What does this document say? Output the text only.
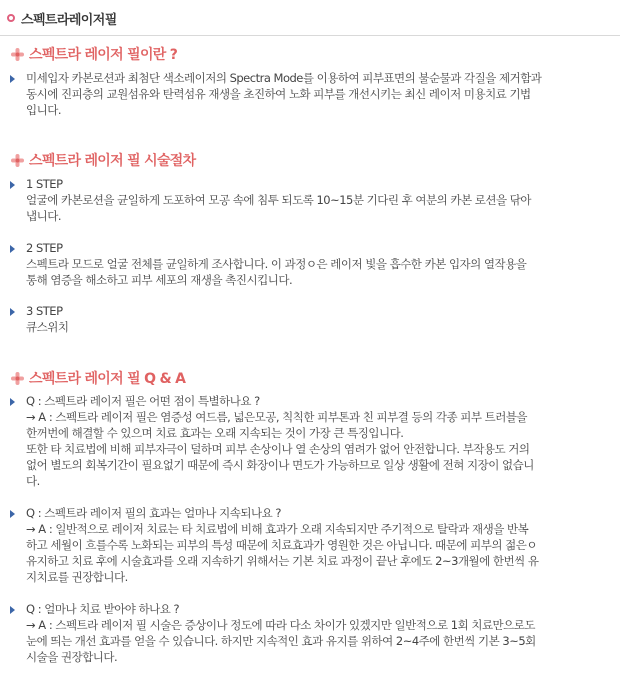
스펙트라레이저필
스펙트라 레이저 필이란 ?
미세입자 카본로션과 최첨단 색소레이저의 Spectra Mode를 이용하여 피부표면의 불순물과 각질을 제거함과
동시에 진피층의 교원섬유와 탄력섬유 재생을 초진하여 노화 피부를 개선시키는 최신 레이저 미용치료 기법
입니다.
스펙트라 레이저 필 시술절차
1 STEP
얼굴에 카본로션을 균일하게 도포하여 모공 속에 침투 되도록 10~15분 기다린 후 여분의 카본 로션을 닦아
냅니다.
2 STEP
스펙트라 모드로 얼굴 전체를 균일하게 조사합니다. 이 과정ㅇ은 레이저 빛을 흡수한 카본 입자의 열작용을
통해 염증을 해소하고 피부 세포의 재생을 촉진시킵니다.
3 STEP
큐스위치
스펙트라 레이저 필 Q & A
Q : 스펙트라 레이저 필은 어떤 점이 특별하나요 ?
→ A : 스펙트라 레이저 필은 염증성 여드름, 넓은모공, 칙칙한 피부톤과 친 피부결 등의 각종 피부 트러블을
한꺼번에 해결할 수 있으며 치료 효과는 오래 지속되는 것이 가장 큰 특징입니다.
또한 타 치료법에 비해 피부자극이 덜하며 피부 손상이나 열 손상의 염려가 없어 안전합니다. 부작용도 거의
없어 별도의 회복기간이 필요없기 때문에 즉시 화장이나 면도가 가능하므로 일상 생활에 전혀 지장이 없습니
다.
Q : 스펙트라 레이저 필의 효과는 얼마나 지속되나요 ?
→ A : 일반적으로 레이저 치료는 타 치료법에 비해 효과가 오래 지속되지만 주기적으로 탈락과 재생을 반복
하고 세월이 흐를수록 노화되는 피부의 특성 때문에 치료효과가 영원한 것은 아닙니다. 때문에 피부의 젊은ㅇ
유지하고 치료 후에 시술효과를 오래 지속하기 위해서는 기본 치료 과정이 끝난 후에도 2~3개월에 한번씩 유
지치료를 권장합니다.
Q : 얼마나 치료 받아야 하나요 ?
→ A : 스펙트라 레이저 필 시술은 증상이나 정도에 따라 다소 차이가 있겠지만 일반적으로 1회 치료만으로도
눈에 띄는 개선 효과를 얻을 수 있습니다. 하지만 지속적인 효과 유지를 위하여 2~4주에 한번씩 기본 3~5회
시술을 권장합니다.
